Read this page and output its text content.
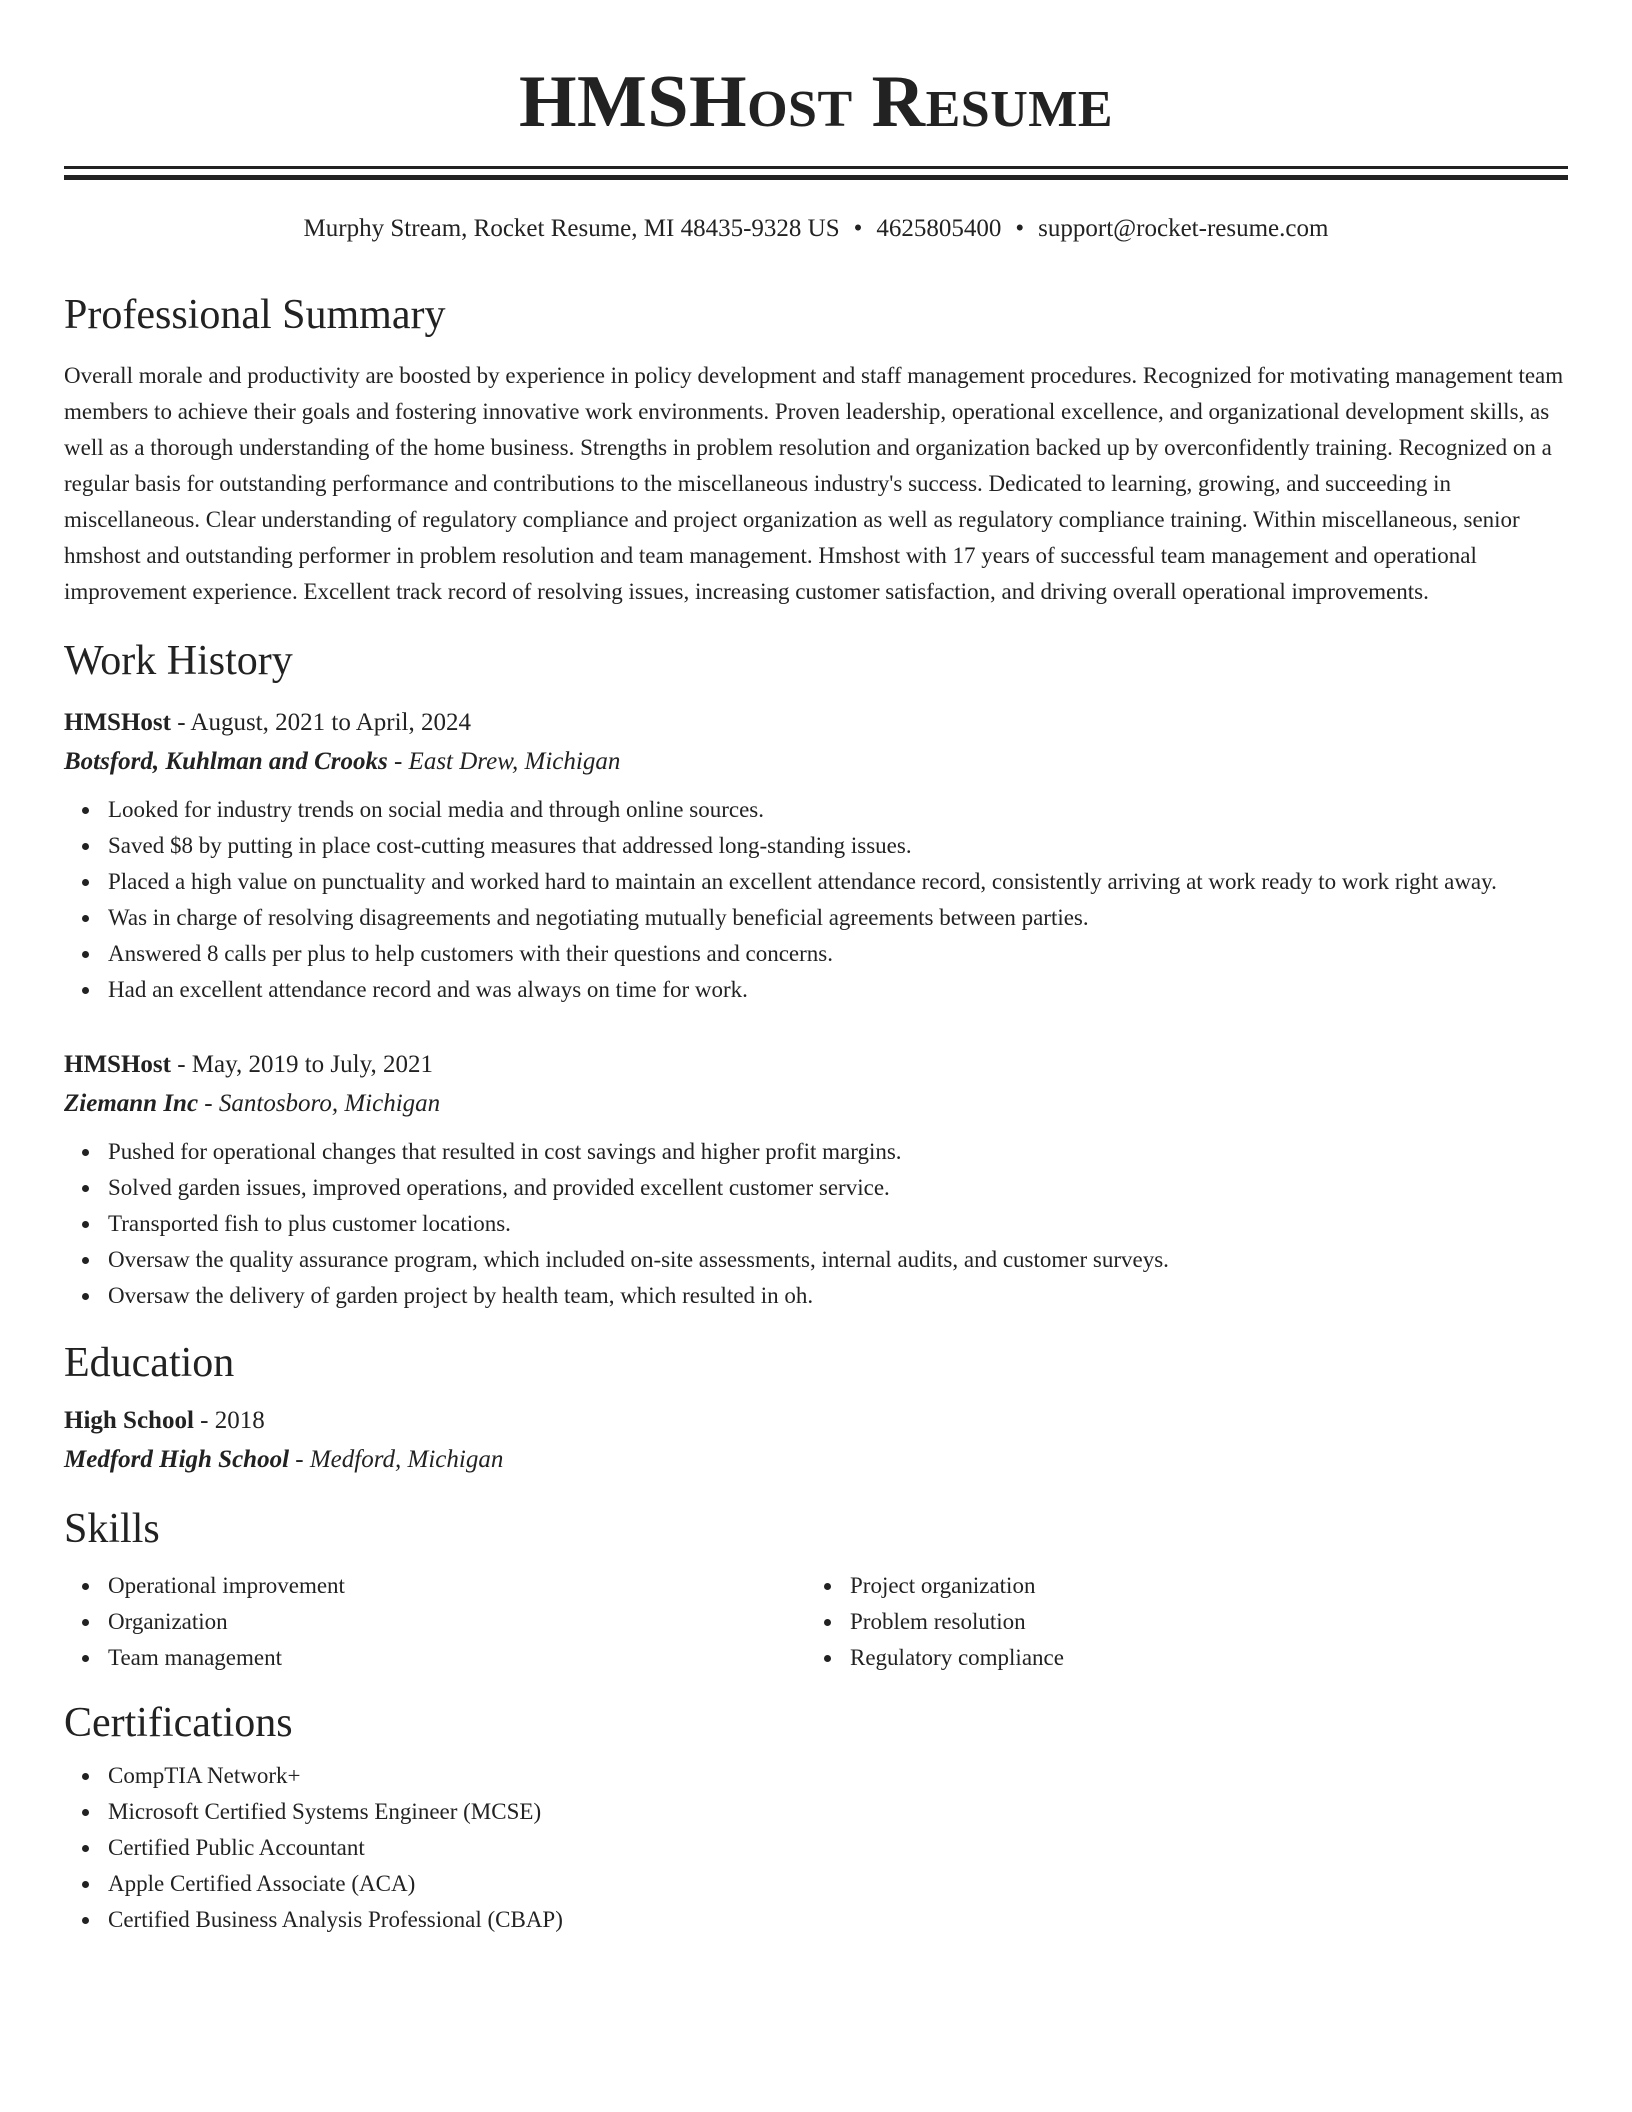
HMSHost Resume
Murphy Stream, Rocket Resume, MI 48435-9328 US • 4625805400 • support@rocket-resume.com
Professional Summary

Overall morale and productivity are boosted by experience in policy development and staff management procedures. Recognized for motivating management team members to achieve their goals and fostering innovative work environments. Proven leadership, operational excellence, and organizational development skills, as well as a thorough understanding of the home business. Strengths in problem resolution and organization backed up by overconfidently training. Recognized on a regular basis for outstanding performance and contributions to the miscellaneous industry's success. Dedicated to learning, growing, and succeeding in miscellaneous. Clear understanding of regulatory compliance and project organization as well as regulatory compliance training. Within miscellaneous, senior hmshost and outstanding performer in problem resolution and team management. Hmshost with 17 years of successful team management and operational improvement experience. Excellent track record of resolving issues, increasing customer satisfaction, and driving overall operational improvements.

Work History
HMSHost - August, 2021 to April, 2024
Botsford, Kuhlman and Crooks - East Drew, Michigan
Looked for industry trends on social media and through online sources.
Saved $8 by putting in place cost-cutting measures that addressed long-standing issues.
Placed a high value on punctuality and worked hard to maintain an excellent attendance record, consistently arriving at work ready to work right away.
Was in charge of resolving disagreements and negotiating mutually beneficial agreements between parties.
Answered 8 calls per plus to help customers with their questions and concerns.
Had an excellent attendance record and was always on time for work.
HMSHost - May, 2019 to July, 2021
Ziemann Inc - Santosboro, Michigan
Pushed for operational changes that resulted in cost savings and higher profit margins.
Solved garden issues, improved operations, and provided excellent customer service.
Transported fish to plus customer locations.
Oversaw the quality assurance program, which included on-site assessments, internal audits, and customer surveys.
Oversaw the delivery of garden project by health team, which resulted in oh.
Education
High School - 2018
Medford High School - Medford, Michigan
Skills
Operational improvement
Organization
Team management
Project organization
Problem resolution
Regulatory compliance
Certifications
CompTIA Network+
Microsoft Certified Systems Engineer (MCSE)
Certified Public Accountant
Apple Certified Associate (ACA)
Certified Business Analysis Professional (CBAP)
